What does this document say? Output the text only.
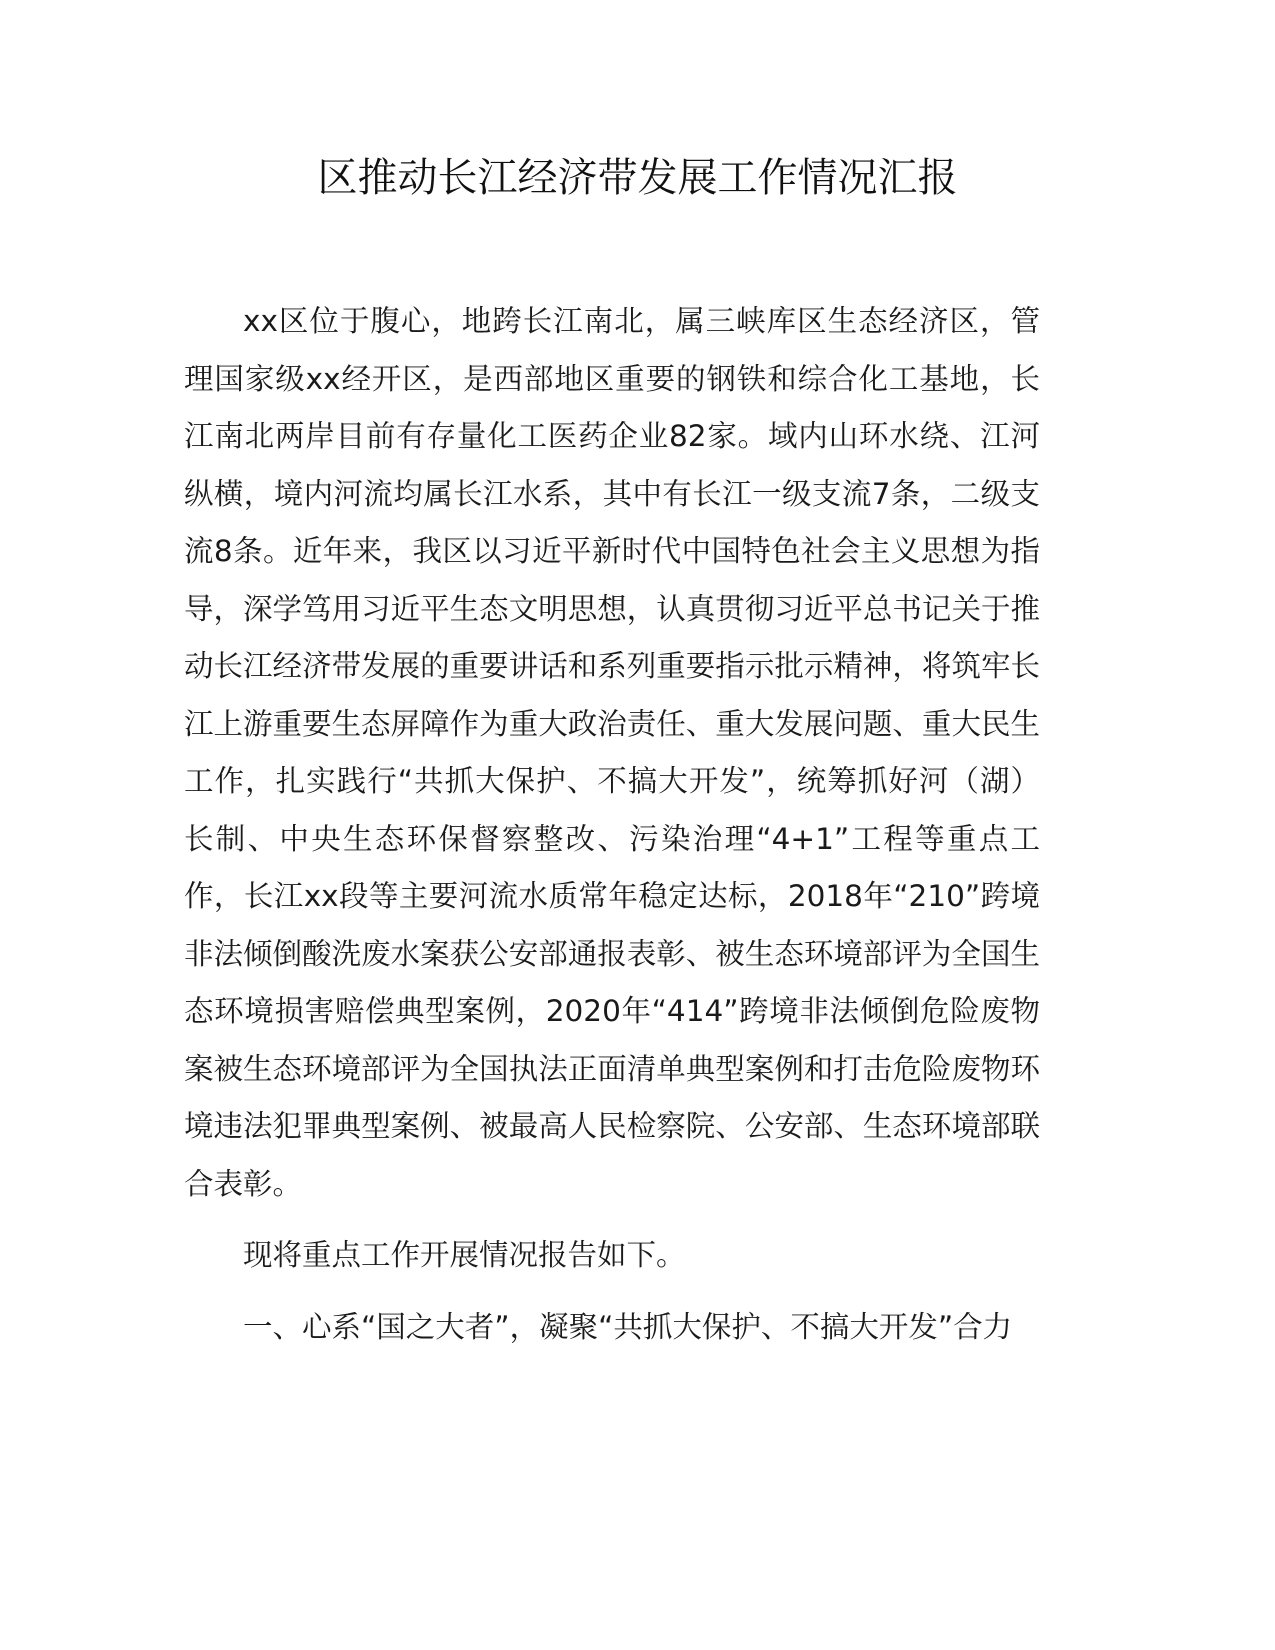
区推动长江经济带发展工作情况汇报

xx区位于腹心，地跨长江南北，属三峡库区生态经济区，管理国家级xx经开区，是西部地区重要的钢铁和综合化工基地，长江南北两岸目前有存量化工医药企业82家。域内山环水绕、江河纵横，境内河流均属长江水系，其中有长江一级支流7条，二级支流8条。近年来，我区以习近平新时代中国特色社会主义思想为指导，深学笃用习近平生态文明思想，认真贯彻习近平总书记关于推动长江经济带发展的重要讲话和系列重要指示批示精神，将筑牢长江上游重要生态屏障作为重大政治责任、重大发展问题、重大民生工作，扎实践行“共抓大保护、不搞大开发”，统筹抓好河（湖）长制、中央生态环保督察整改、污染治理“4+1”工程等重点工作，长江xx段等主要河流水质常年稳定达标，2018年“210”跨境非法倾倒酸洗废水案获公安部通报表彰、被生态环境部评为全国生态环境损害赔偿典型案例，2020年“414”跨境非法倾倒危险废物案被生态环境部评为全国执法正面清单典型案例和打击危险废物环境违法犯罪典型案例、被最高人民检察院、公安部、生态环境部联合表彰。

现将重点工作开展情况报告如下。

一、心系“国之大者”，凝聚“共抓大保护、不搞大开发”合力
